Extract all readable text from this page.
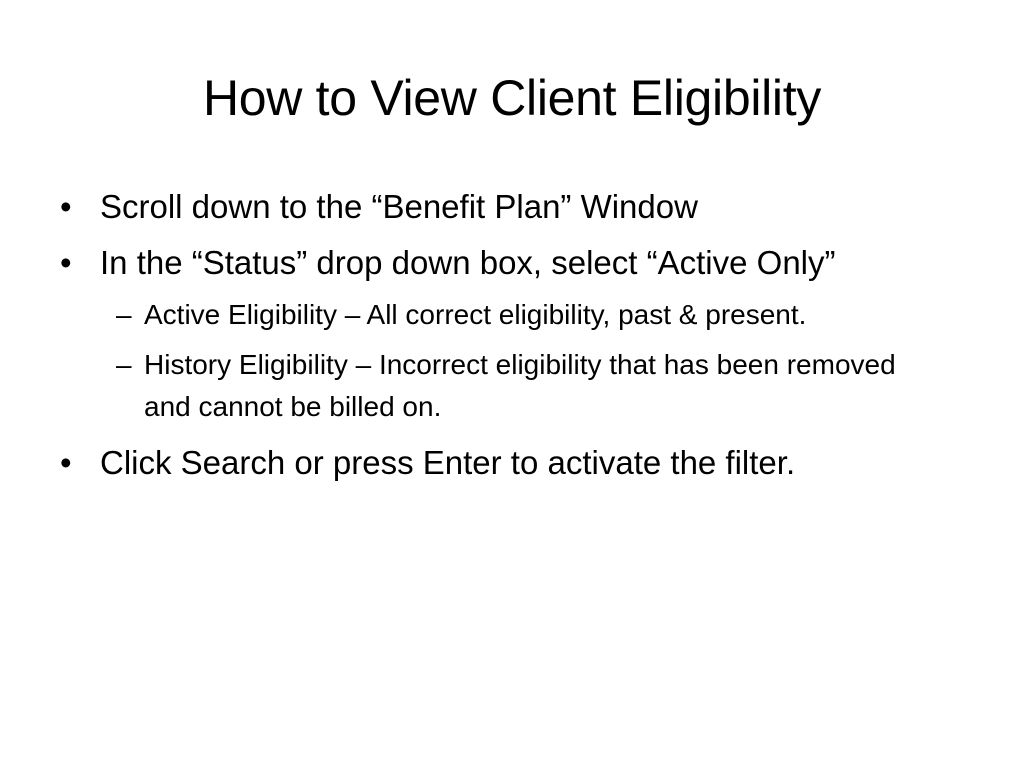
How to View Client Eligibility
• Scroll down to the “Benefit Plan” Window
• In the “Status” drop down box, select “Active Only”
– Active Eligibility – All correct eligibility, past & present.
– History Eligibility – Incorrect eligibility that has been removed and cannot be billed on.
• Click Search or press Enter to activate the filter.
